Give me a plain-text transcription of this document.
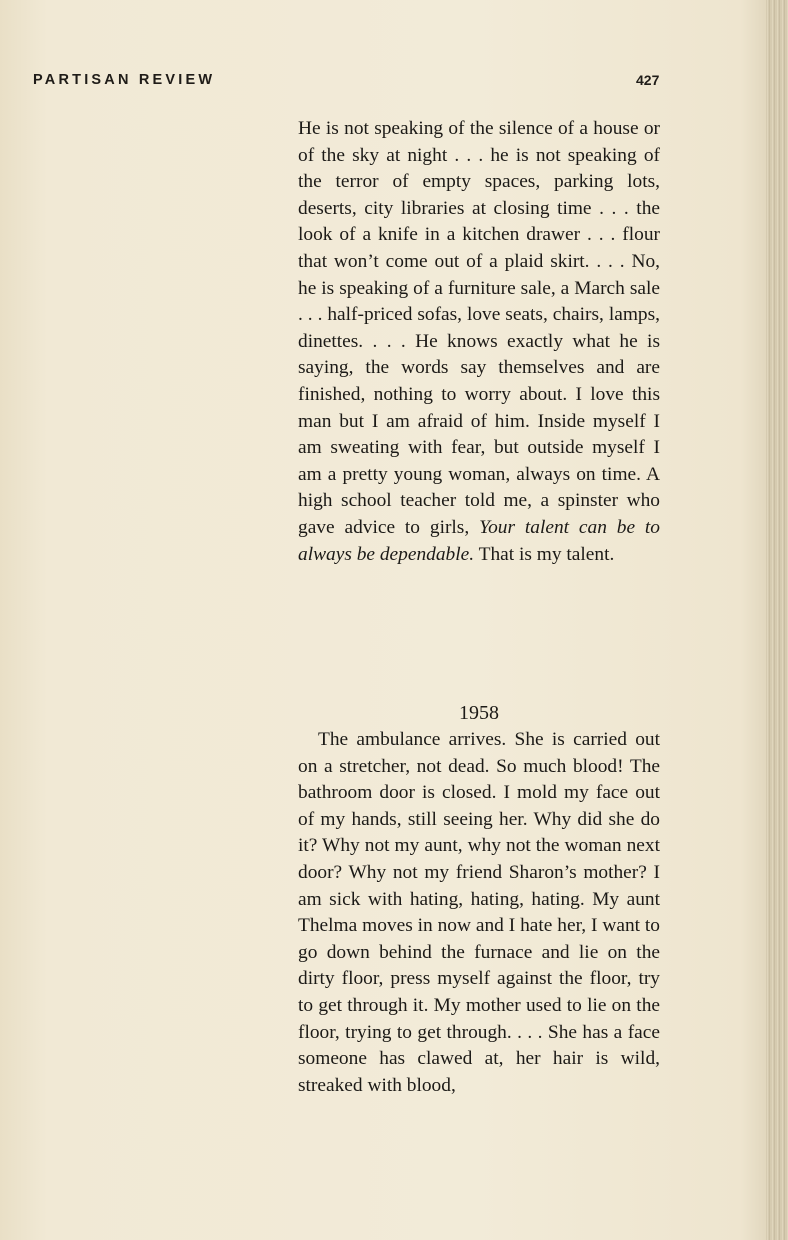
PARTISAN REVIEW	427

He is not speaking of the silence of a house or of the sky at night . . . he is not speaking of the terror of empty spaces, parking lots, deserts, city libraries at closing time . . . the look of a knife in a kitchen drawer . . . flour that won’t come out of a plaid skirt. . . . No, he is speaking of a furniture sale, a March sale . . . half-priced sofas, love seats, chairs, lamps, dinettes. . . . He knows exactly what he is saying, the words say themselves and are finished, nothing to worry about. I love this man but I am afraid of him. Inside myself I am sweating with fear, but outside myself I am a pretty young woman, always on time. A high school teacher told me, a spinster who gave advice to girls, Your talent can be to always be dependable. That is my talent.

1958

The ambulance arrives. She is carried out on a stretcher, not dead. So much blood! The bathroom door is closed. I mold my face out of my hands, still seeing her. Why did she do it? Why not my aunt, why not the woman next door? Why not my friend Sharon’s mother? I am sick with hating, hating, hating. My aunt Thelma moves in now and I hate her, I want to go down behind the furnace and lie on the dirty floor, press myself against the floor, try to get through it. My mother used to lie on the floor, trying to get through. . . . She has a face someone has clawed at, her hair is wild, streaked with blood,
